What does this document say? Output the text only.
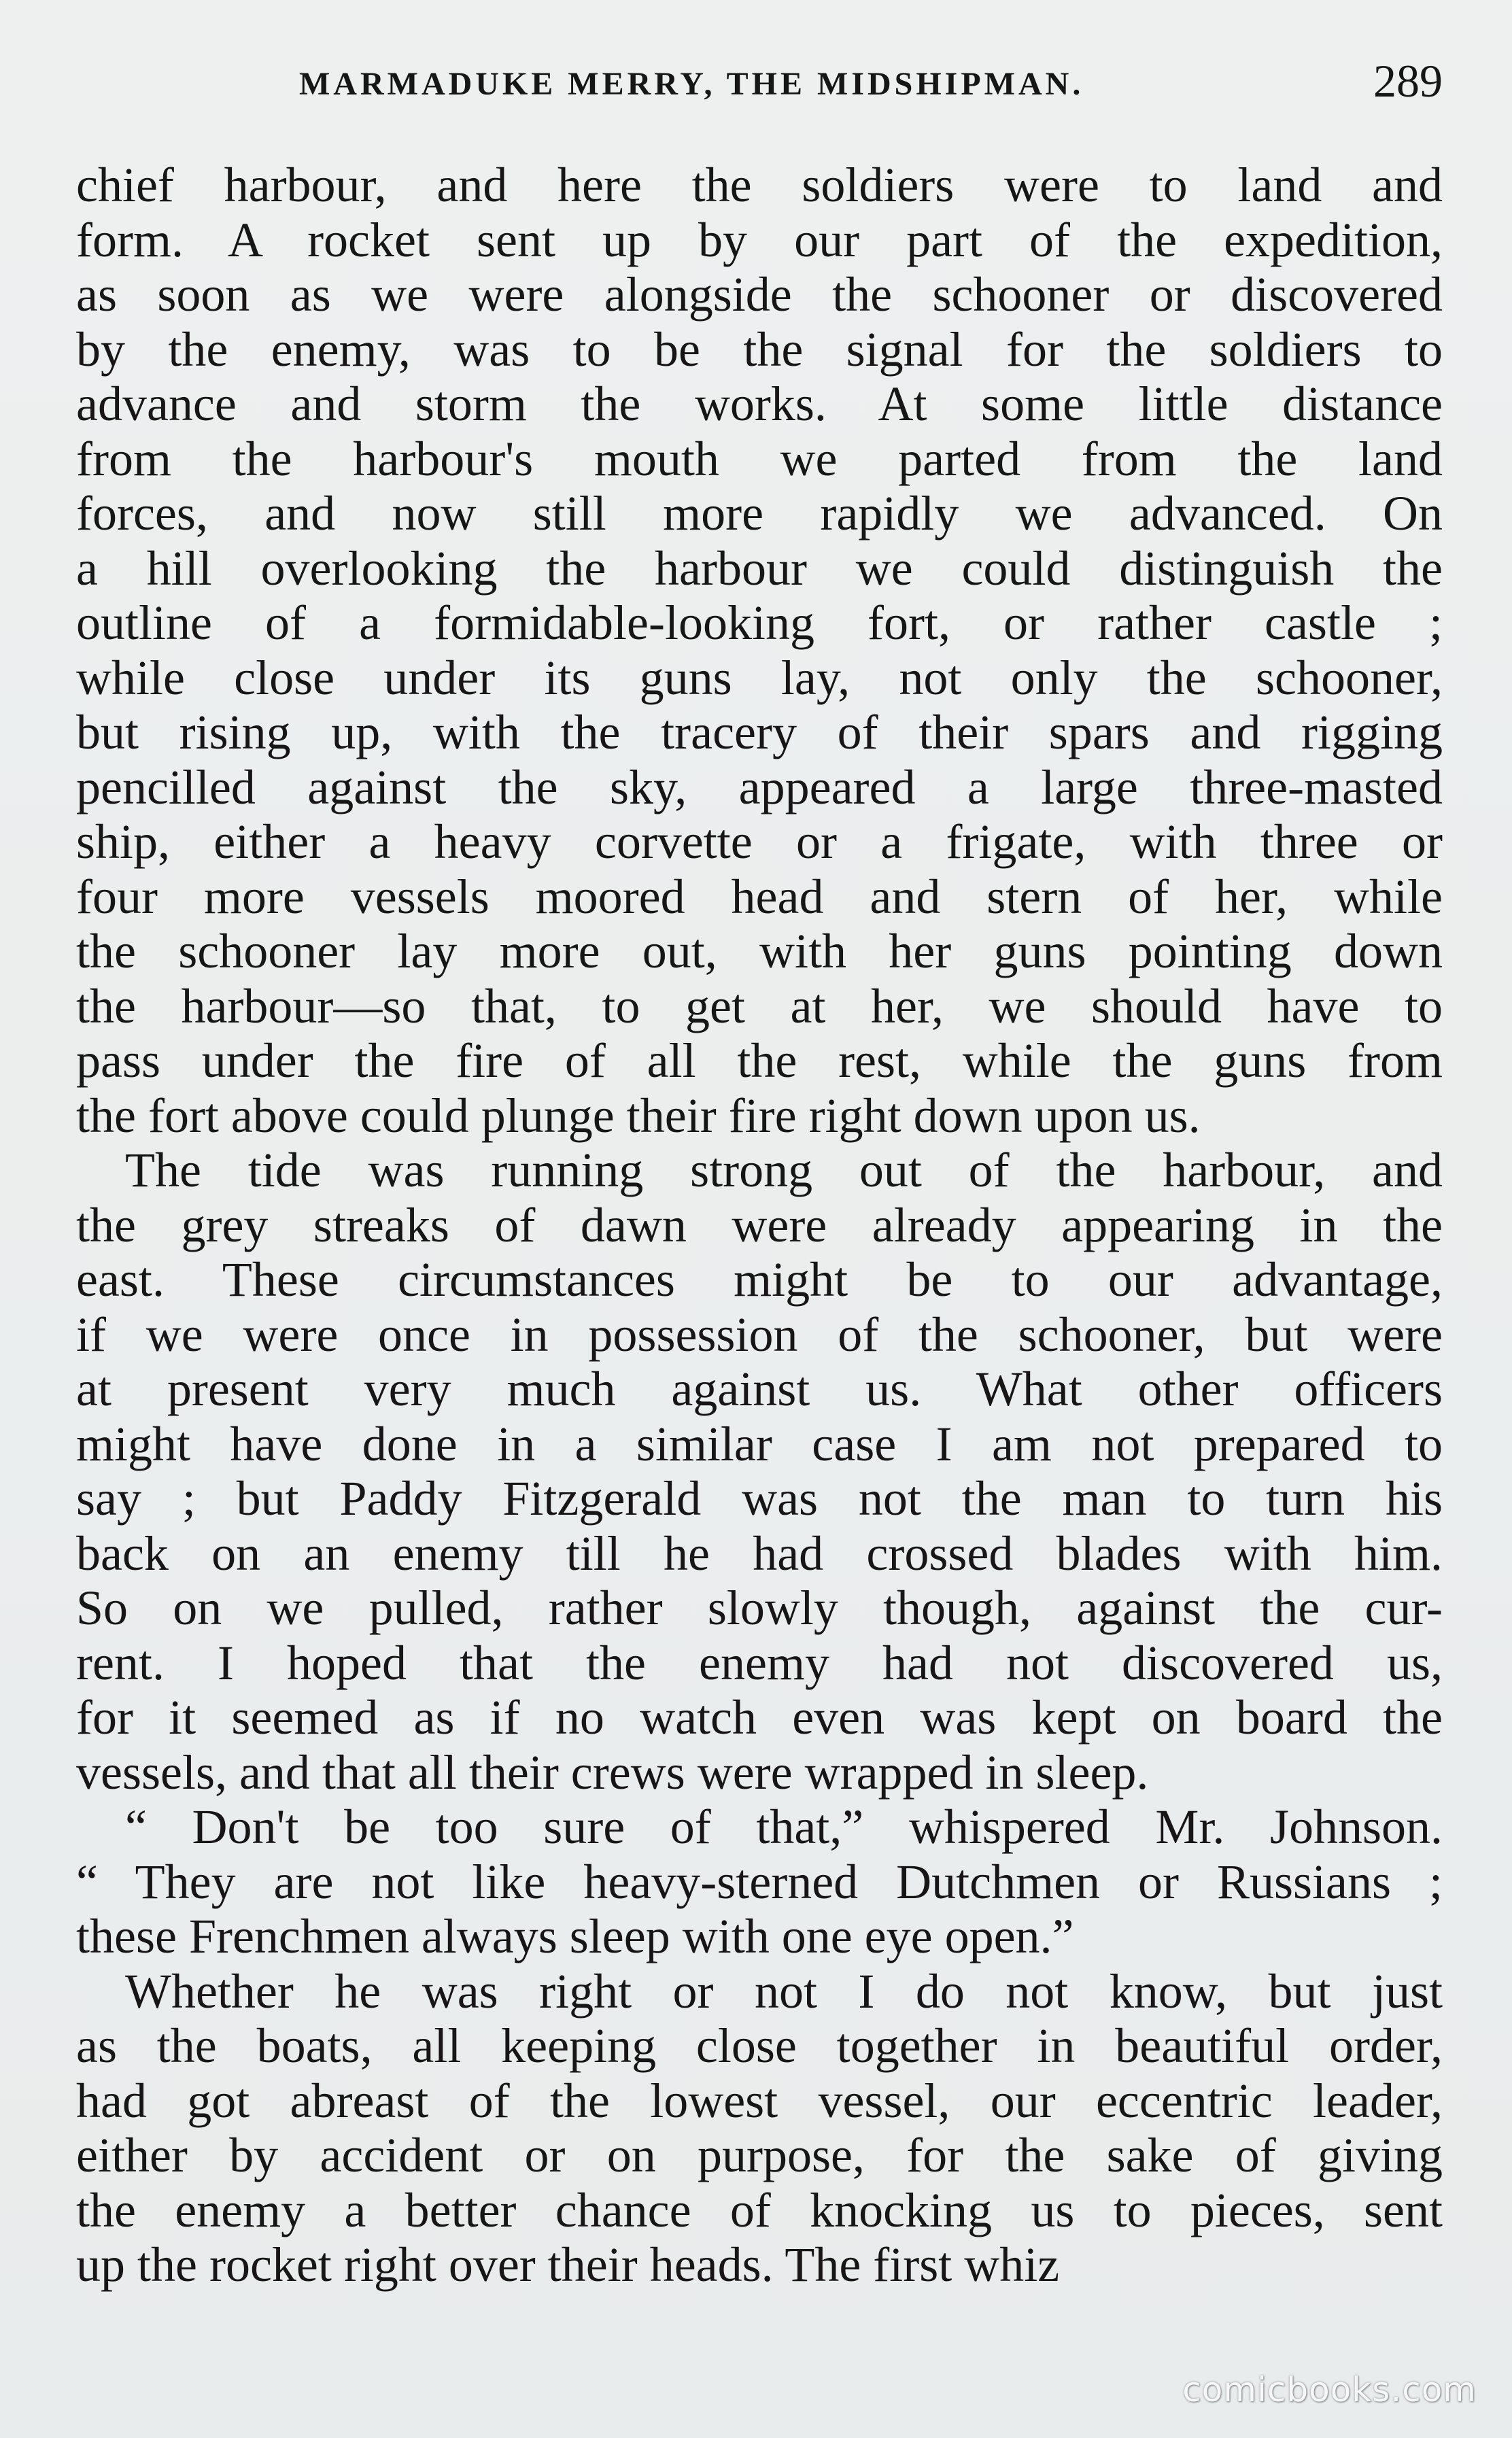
MARMADUKE MERRY, THE MIDSHIPMAN.	289
chief harbour, and here the soldiers were to land and
form. A rocket sent up by our part of the expedition,
as soon as we were alongside the schooner or discovered
by the enemy, was to be the signal for the soldiers to
advance and storm the works. At some little distance
from the harbour's mouth we parted from the land
forces, and now still more rapidly we advanced. On
a hill overlooking the harbour we could distinguish the
outline of a formidable-looking fort, or rather castle ;
while close under its guns lay, not only the schooner,
but rising up, with the tracery of their spars and rigging
pencilled against the sky, appeared a large three-masted
ship, either a heavy corvette or a frigate, with three or
four more vessels moored head and stern of her, while
the schooner lay more out, with her guns pointing down
the harbour—so that, to get at her, we should have to
pass under the fire of all the rest, while the guns from
the fort above could plunge their fire right down upon us.
The tide was running strong out of the harbour, and
the grey streaks of dawn were already appearing in the
east. These circumstances might be to our advantage,
if we were once in possession of the schooner, but were
at present very much against us. What other officers
might have done in a similar case I am not prepared to
say ; but Paddy Fitzgerald was not the man to turn his
back on an enemy till he had crossed blades with him.
So on we pulled, rather slowly though, against the cur-
rent. I hoped that the enemy had not discovered us,
for it seemed as if no watch even was kept on board the
vessels, and that all their crews were wrapped in sleep.
“ Don't be too sure of that,” whispered Mr. Johnson.
“ They are not like heavy-sterned Dutchmen or Russians ;
these Frenchmen always sleep with one eye open.”
Whether he was right or not I do not know, but just
as the boats, all keeping close together in beautiful order,
had got abreast of the lowest vessel, our eccentric leader,
either by accident or on purpose, for the sake of giving
the enemy a better chance of knocking us to pieces, sent
up the rocket right over their heads. The first whiz
comicbooks.com
